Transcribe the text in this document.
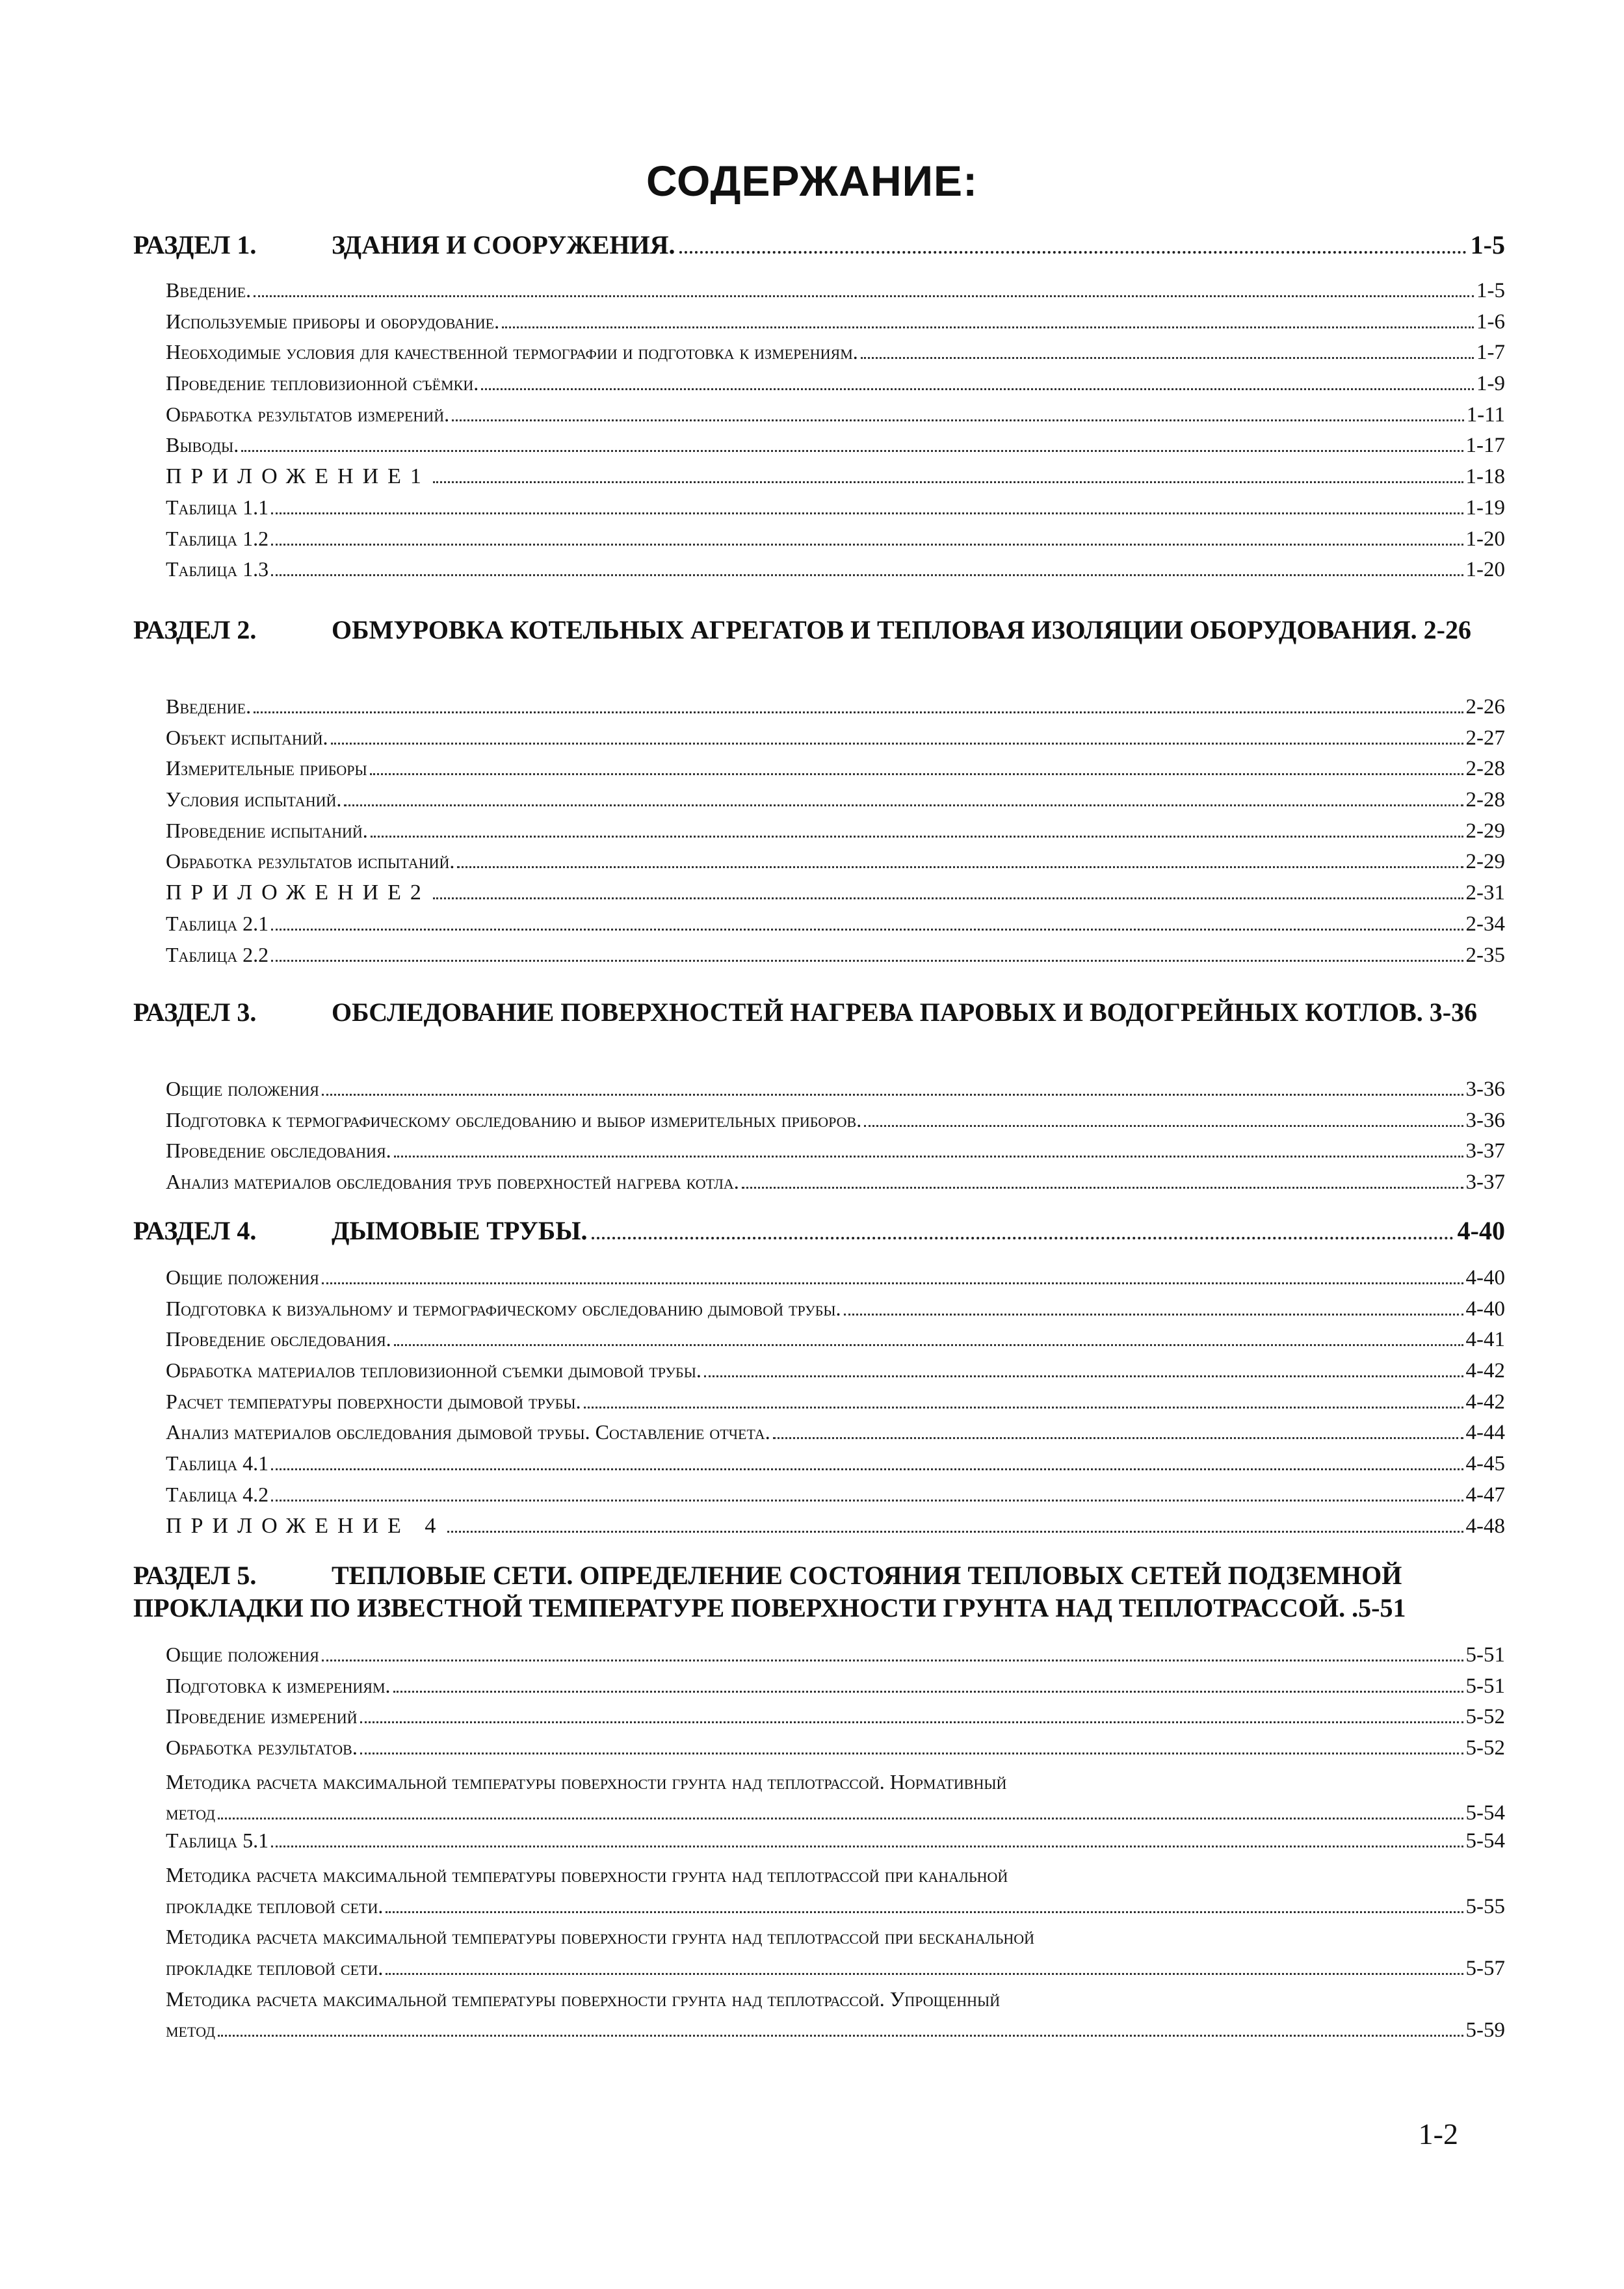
СОДЕРЖАНИЕ:
РАЗДЕЛ 1.	ЗДАНИЯ И СООРУЖЕНИЯ.	1-5
Введение.	1-5
Используемые приборы и оборудование.	1-6
Необходимые условия для качественной термографии и подготовка к измерениям.	1-7
Проведение тепловизионной съёмки.	1-9
Обработка результатов измерений.	1-11
Выводы.	1-17
ПРИЛОЖЕНИЕ1	1-18
Таблица 1.1	1-19
Таблица 1.2	1-20
Таблица 1.3	1-20
РАЗДЕЛ 2.	ОБМУРОВКА КОТЕЛЬНЫХ АГРЕГАТОВ И ТЕПЛОВАЯ ИЗОЛЯЦИИ ОБОРУДОВАНИЯ. 2-26
Введение.	2-26
Объект испытаний.	2-27
Измерительные приборы	2-28
Условия испытаний.	2-28
Проведение испытаний.	2-29
Обработка результатов испытаний.	2-29
ПРИЛОЖЕНИЕ2	2-31
Таблица 2.1	2-34
Таблица 2.2	2-35
РАЗДЕЛ 3.	ОБСЛЕДОВАНИЕ ПОВЕРХНОСТЕЙ НАГРЕВА ПАРОВЫХ И ВОДОГРЕЙНЫХ КОТЛОВ. 3-36
Общие положения	3-36
Подготовка к термографическому обследованию и выбор измерительных приборов.	3-36
Проведение обследования.	3-37
Анализ материалов обследования труб поверхностей нагрева котла.	3-37
РАЗДЕЛ 4.	ДЫМОВЫЕ ТРУБЫ.	4-40
Общие положения	4-40
Подготовка к визуальному и термографическому обследованию дымовой трубы.	4-40
Проведение обследования.	4-41
Обработка материалов тепловизионной съемки дымовой трубы.	4-42
Расчет температуры поверхности дымовой трубы.	4-42
Анализ материалов обследования дымовой трубы. Составление отчета.	4-44
Таблица 4.1	4-45
Таблица 4.2	4-47
ПРИЛОЖЕНИЕ 4	4-48
РАЗДЕЛ 5.	ТЕПЛОВЫЕ СЕТИ. ОПРЕДЕЛЕНИЕ СОСТОЯНИЯ ТЕПЛОВЫХ СЕТЕЙ ПОДЗЕМНОЙ ПРОКЛАДКИ ПО ИЗВЕСТНОЙ ТЕМПЕРАТУРЕ ПОВЕРХНОСТИ ГРУНТА НАД ТЕПЛОТРАССОЙ. .5-51
Общие положения	5-51
Подготовка к измерениям.	5-51
Проведение измерений	5-52
Обработка результатов.	5-52
Методика расчета максимальной температуры поверхности грунта над теплотрассой. Нормативный
метод	5-54
Таблица 5.1	5-54
Методика расчета максимальной температуры поверхности грунта над теплотрассой при канальной
прокладке тепловой сети.	5-55
Методика расчета максимальной температуры поверхности грунта над теплотрассой при бесканальной
прокладке тепловой сети.	5-57
Методика расчета максимальной температуры поверхности грунта над теплотрассой. Упрощенный
метод	5-59
1-2
